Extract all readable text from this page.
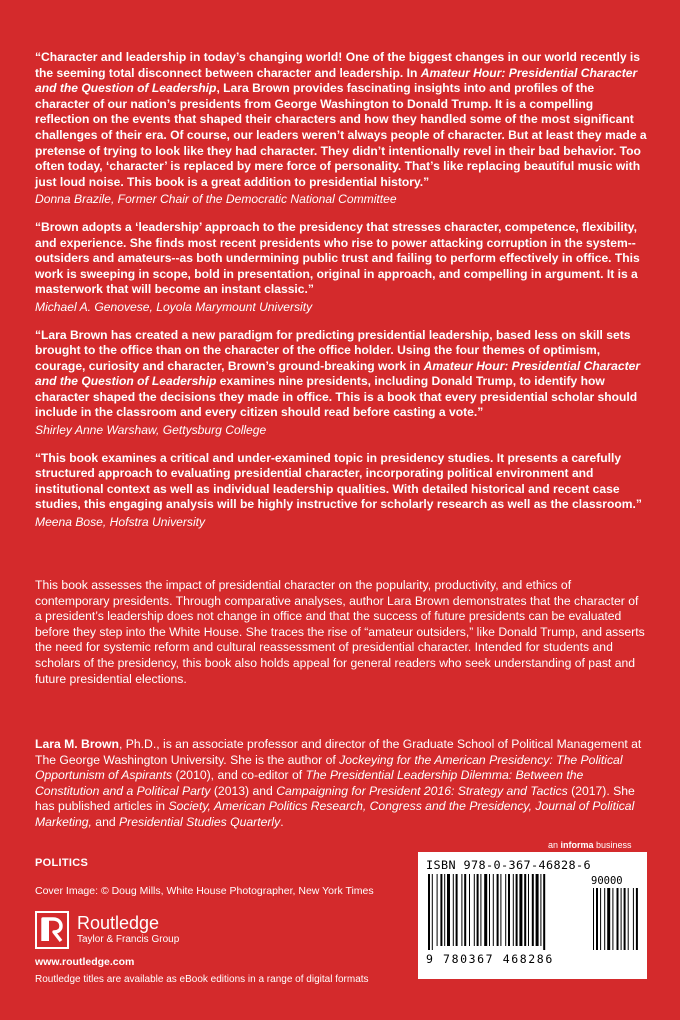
“Character and leadership in today’s changing world! One of the biggest changes in our world recently is the seeming total disconnect between character and leadership. In Amateur Hour: Presidential Character and the Question of Leadership, Lara Brown provides fascinating insights into and profiles of the character of our nation’s presidents from George Washington to Donald Trump. It is a compelling reflection on the events that shaped their characters and how they handled some of the most significant challenges of their era. Of course, our leaders weren’t always people of character. But at least they made a pretense of trying to look like they had character. They didn’t intentionally revel in their bad behavior. Too often today, ‘character’ is replaced by mere force of personality. That’s like replacing beautiful music with just loud noise. This book is a great addition to presidential history.”

Donna Brazile, Former Chair of the Democratic National Committee

“Brown adopts a ‘leadership’ approach to the presidency that stresses character, competence, flexibility, and experience. She finds most recent presidents who rise to power attacking corruption in the system--outsiders and amateurs--as both undermining public trust and failing to perform effectively in office. This work is sweeping in scope, bold in presentation, original in approach, and compelling in argument. It is a masterwork that will become an instant classic.”

Michael A. Genovese, Loyola Marymount University

“Lara Brown has created a new paradigm for predicting presidential leadership, based less on skill sets brought to the office than on the character of the office holder. Using the four themes of optimism, courage, curiosity and character, Brown’s ground-breaking work in Amateur Hour: Presidential Character and the Question of Leadership examines nine presidents, including Donald Trump, to identify how character shaped the decisions they made in office. This is a book that every presidential scholar should include in the classroom and every citizen should read before casting a vote.”

Shirley Anne Warshaw, Gettysburg College

“This book examines a critical and under-examined topic in presidency studies. It presents a carefully structured approach to evaluating presidential character, incorporating political environment and institutional context as well as individual leadership qualities. With detailed historical and recent case studies, this engaging analysis will be highly instructive for scholarly research as well as the classroom.”

Meena Bose, Hofstra University

This book assesses the impact of presidential character on the popularity, productivity, and ethics of contemporary presidents. Through comparative analyses, author Lara Brown demonstrates that the character of a president’s leadership does not change in office and that the success of future presidents can be evaluated before they step into the White House. She traces the rise of “amateur outsiders,” like Donald Trump, and asserts the need for systemic reform and cultural reassessment of presidential character. Intended for students and scholars of the presidency, this book also holds appeal for general readers who seek understanding of past and future presidential elections.

Lara M. Brown, Ph.D., is an associate professor and director of the Graduate School of Political Management at The George Washington University. She is the author of Jockeying for the American Presidency: The Political Opportunism of Aspirants (2010), and co-editor of The Presidential Leadership Dilemma: Between the Constitution and a Political Party (2013) and Campaigning for President 2016: Strategy and Tactics (2017). She has published articles in Society, American Politics Research, Congress and the Presidency, Journal of Political Marketing, and Presidential Studies Quarterly.

POLITICS
Cover Image: © Doug Mills, White House Photographer, New York Times
Routledge
Taylor & Francis Group
www.routledge.com
Routledge titles are available as eBook editions in a range of digital formats
an informa business
ISBN 978-0-367-46828-6
90000
9 780367 468286
